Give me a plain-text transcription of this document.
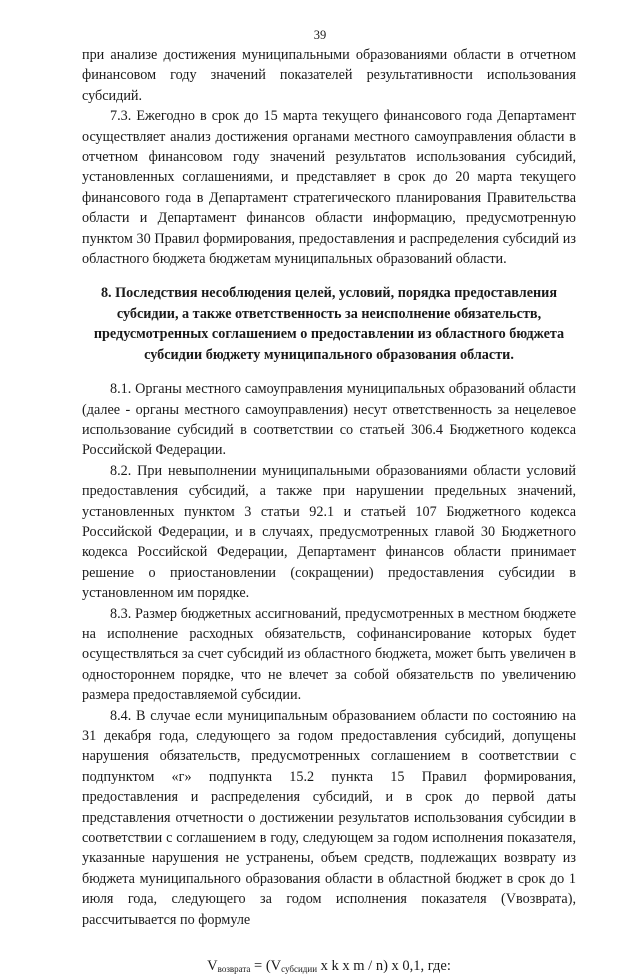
39

при анализе достижения муниципальными образованиями области в отчетном финансовом году значений показателей результативности использования субсидий.

7.3. Ежегодно в срок до 15 марта текущего финансового года Департамент осуществляет анализ достижения органами местного самоуправления области в отчетном финансовом году значений результатов использования субсидий, установленных соглашениями, и представляет в срок до 20 марта текущего финансового года в Департамент стратегического планирования Правительства области и Департамент финансов области информацию, предусмотренную пунктом 30 Правил формирования, предоставления и распределения субсидий из областного бюджета бюджетам муниципальных образований области.

8. Последствия несоблюдения целей, условий, порядка предоставления субсидии, а также ответственность за неисполнение обязательств, предусмотренных соглашением о предоставлении из областного бюджета субсидии бюджету муниципального образования области.

8.1. Органы местного самоуправления муниципальных образований области (далее - органы местного самоуправления) несут ответственность за нецелевое использование субсидий в соответствии со статьей 306.4 Бюджетного кодекса Российской Федерации.

8.2. При невыполнении муниципальными образованиями области условий предоставления субсидий, а также при нарушении предельных значений, установленных пунктом 3 статьи 92.1 и статьей 107 Бюджетного кодекса Российской Федерации, и в случаях, предусмотренных главой 30 Бюджетного кодекса Российской Федерации, Департамент финансов области принимает решение о приостановлении (сокращении) предоставления субсидии в установленном им порядке.

8.3. Размер бюджетных ассигнований, предусмотренных в местном бюджете на исполнение расходных обязательств, софинансирование которых будет осуществляться за счет субсидий из областного бюджета, может быть увеличен в одностороннем порядке, что не влечет за собой обязательств по увеличению размера предоставляемой субсидии.

8.4. В случае если муниципальным образованием области по состоянию на 31 декабря года, следующего за годом предоставления субсидий, допущены нарушения обязательств, предусмотренных соглашением в соответствии с подпунктом «г» подпункта 15.2 пункта 15 Правил формирования, предоставления и распределения субсидий, и в срок до первой даты представления отчетности о достижении результатов использования субсидии в соответствии с соглашением в году, следующем за годом исполнения показателя, указанные нарушения не устранены, объем средств, подлежащих возврату из бюджета муниципального образования области в областной бюджет в срок до 1 июля года, следующего за годом исполнения показателя (Vвозврата), рассчитывается по формуле

$V_{возврата} = (V_{субсидии}$ x k x m / n) x 0,1, где:
